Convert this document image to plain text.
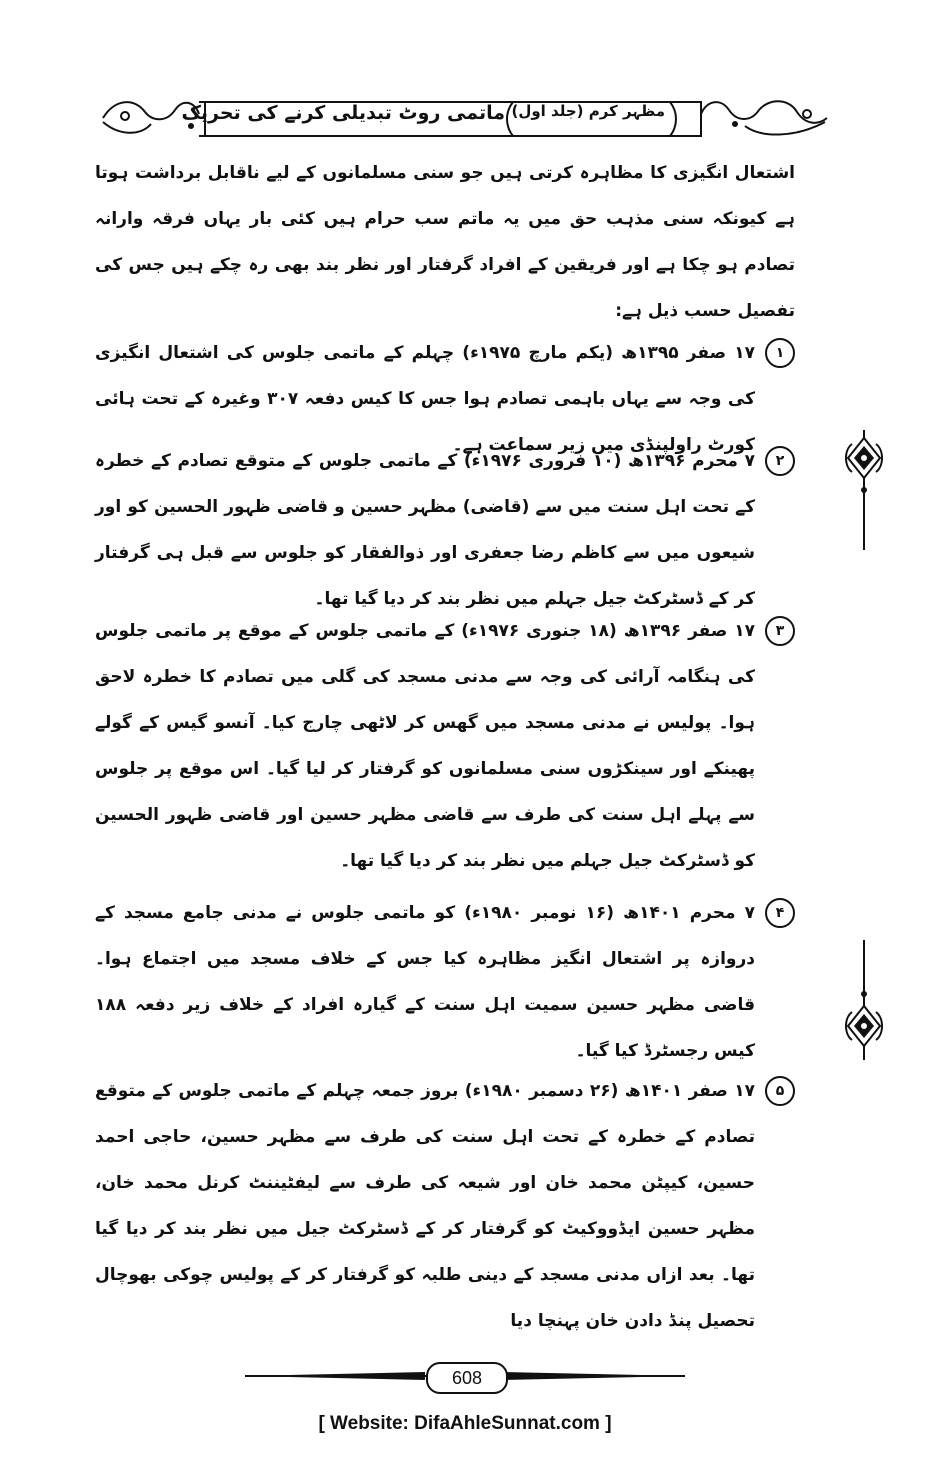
ماتمی روٹ تبدیلی کرنے کی تحریک مظہر کرم (جلد اول)
اشتعال انگیزی کا مظاہرہ کرتی ہیں جو سنی مسلمانوں کے لیے ناقابل برداشت ہوتا ہے کیونکہ سنی مذہب حق میں یہ ماتم سب حرام ہیں کئی بار یہاں فرقہ وارانہ تصادم ہو چکا ہے اور فریقین کے افراد گرفتار اور نظر بند بھی رہ چکے ہیں جس کی تفصیل حسب ذیل ہے:
۱
۱۷ صفر ۱۳۹۵ھ (یکم مارچ ۱۹۷۵ء) چہلم کے ماتمی جلوس کی اشتعال انگیزی کی وجہ سے یہاں باہمی تصادم ہوا جس کا کیس دفعہ ۳۰۷ وغیرہ کے تحت ہائی کورٹ راولپنڈی میں زیر سماعت ہے۔
۲
۷ محرم ۱۳۹۶ھ (۱۰ فروری ۱۹۷۶ء) کے ماتمی جلوس کے متوقع تصادم کے خطرہ کے تحت اہل سنت میں سے (قاضی) مظہر حسین و قاضی ظہور الحسین کو اور شیعوں میں سے کاظم رضا جعفری اور ذوالفقار کو جلوس سے قبل ہی گرفتار کر کے ڈسٹرکٹ جیل جہلم میں نظر بند کر دیا گیا تھا۔
۳
۱۷ صفر ۱۳۹۶ھ (۱۸ جنوری ۱۹۷۶ء) کے ماتمی جلوس کے موقع پر ماتمی جلوس کی ہنگامہ آرائی کی وجہ سے مدنی مسجد کی گلی میں تصادم کا خطرہ لاحق ہوا۔ پولیس نے مدنی مسجد میں گھس کر لاٹھی چارج کیا۔ آنسو گیس کے گولے پھینکے اور سینکڑوں سنی مسلمانوں کو گرفتار کر لیا گیا۔ اس موقع پر جلوس سے پہلے اہل سنت کی طرف سے قاضی مظہر حسین اور قاضی ظہور الحسین کو ڈسٹرکٹ جیل جہلم میں نظر بند کر دیا گیا تھا۔
۴
۷ محرم ۱۴۰۱ھ (۱۶ نومبر ۱۹۸۰ء) کو ماتمی جلوس نے مدنی جامع مسجد کے دروازہ پر اشتعال انگیز مظاہرہ کیا جس کے خلاف مسجد میں اجتماع ہوا۔ قاضی مظہر حسین سمیت اہل سنت کے گیارہ افراد کے خلاف زیر دفعہ ۱۸۸ کیس رجسٹرڈ کیا گیا۔
۵
۱۷ صفر ۱۴۰۱ھ (۲۶ دسمبر ۱۹۸۰ء) بروز جمعہ چہلم کے ماتمی جلوس کے متوقع تصادم کے خطرہ کے تحت اہل سنت کی طرف سے مظہر حسین، حاجی احمد حسین، کیپٹن محمد خان اور شیعہ کی طرف سے لیفٹیننٹ کرنل محمد خان، مظہر حسین ایڈووکیٹ کو گرفتار کر کے ڈسٹرکٹ جیل میں نظر بند کر دیا گیا تھا۔ بعد ازاں مدنی مسجد کے دینی طلبہ کو گرفتار کر کے پولیس چوکی بھوچال تحصیل پنڈ دادن خان پہنچا دیا
608
[ Website: DifaAhleSunnat.com ]
